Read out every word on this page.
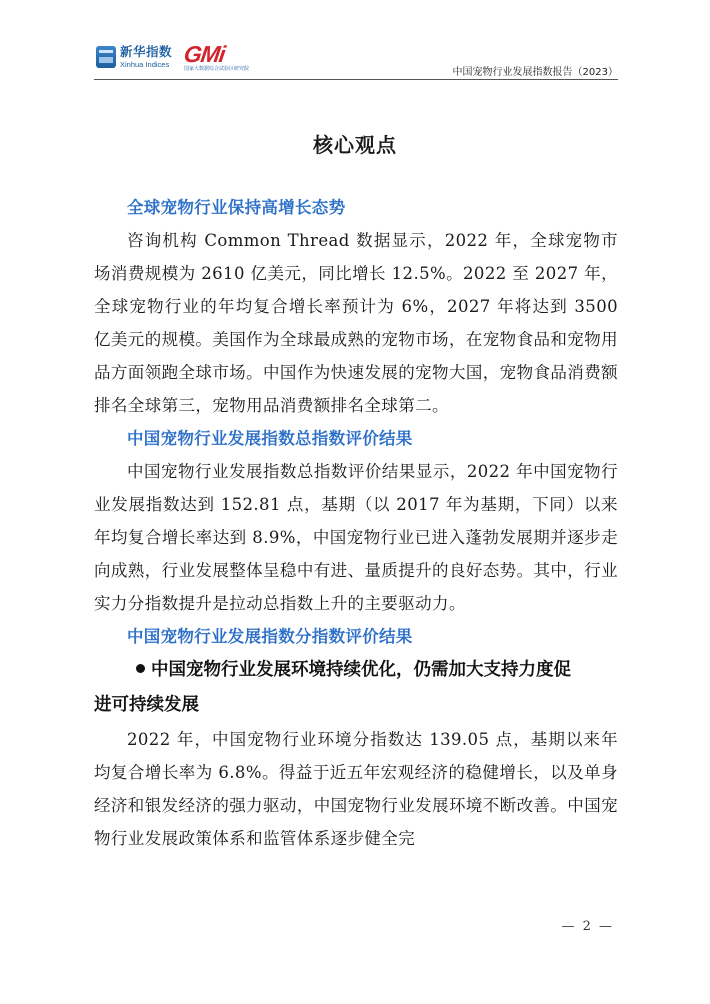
新华指数
Xinhua Indices GMi
国家大数据综合试验区研究院	中国宠物行业发展指数报告（2023）
核心观点
全球宠物行业保持高增长态势

咨询机构 Common Thread 数据显示，2022 年，全球宠物市场消费规模为 2610 亿美元，同比增长 12.5%。2022 至 2027 年，全球宠物行业的年均复合增长率预计为 6%，2027 年将达到 3500 亿美元的规模。美国作为全球最成熟的宠物市场，在宠物食品和宠物用品方面领跑全球市场。中国作为快速发展的宠物大国，宠物食品消费额排名全球第三，宠物用品消费额排名全球第二。

中国宠物行业发展指数总指数评价结果

中国宠物行业发展指数总指数评价结果显示，2022 年中国宠物行业发展指数达到 152.81 点，基期（以 2017 年为基期，下同）以来年均复合增长率达到 8.9%，中国宠物行业已进入蓬勃发展期并逐步走向成熟，行业发展整体呈稳中有进、量质提升的良好态势。其中，行业实力分指数提升是拉动总指数上升的主要驱动力。

中国宠物行业发展指数分指数评价结果

中国宠物行业发展环境持续优化，仍需加大支持力度促

进可持续发展

2022 年，中国宠物行业环境分指数达 139.05 点，基期以来年均复合增长率为 6.8%。得益于近五年宏观经济的稳健增长，以及单身经济和银发经济的强力驱动，中国宠物行业发展环境不断改善。中国宠物行业发展政策体系和监管体系逐步健全完

— 2 —
